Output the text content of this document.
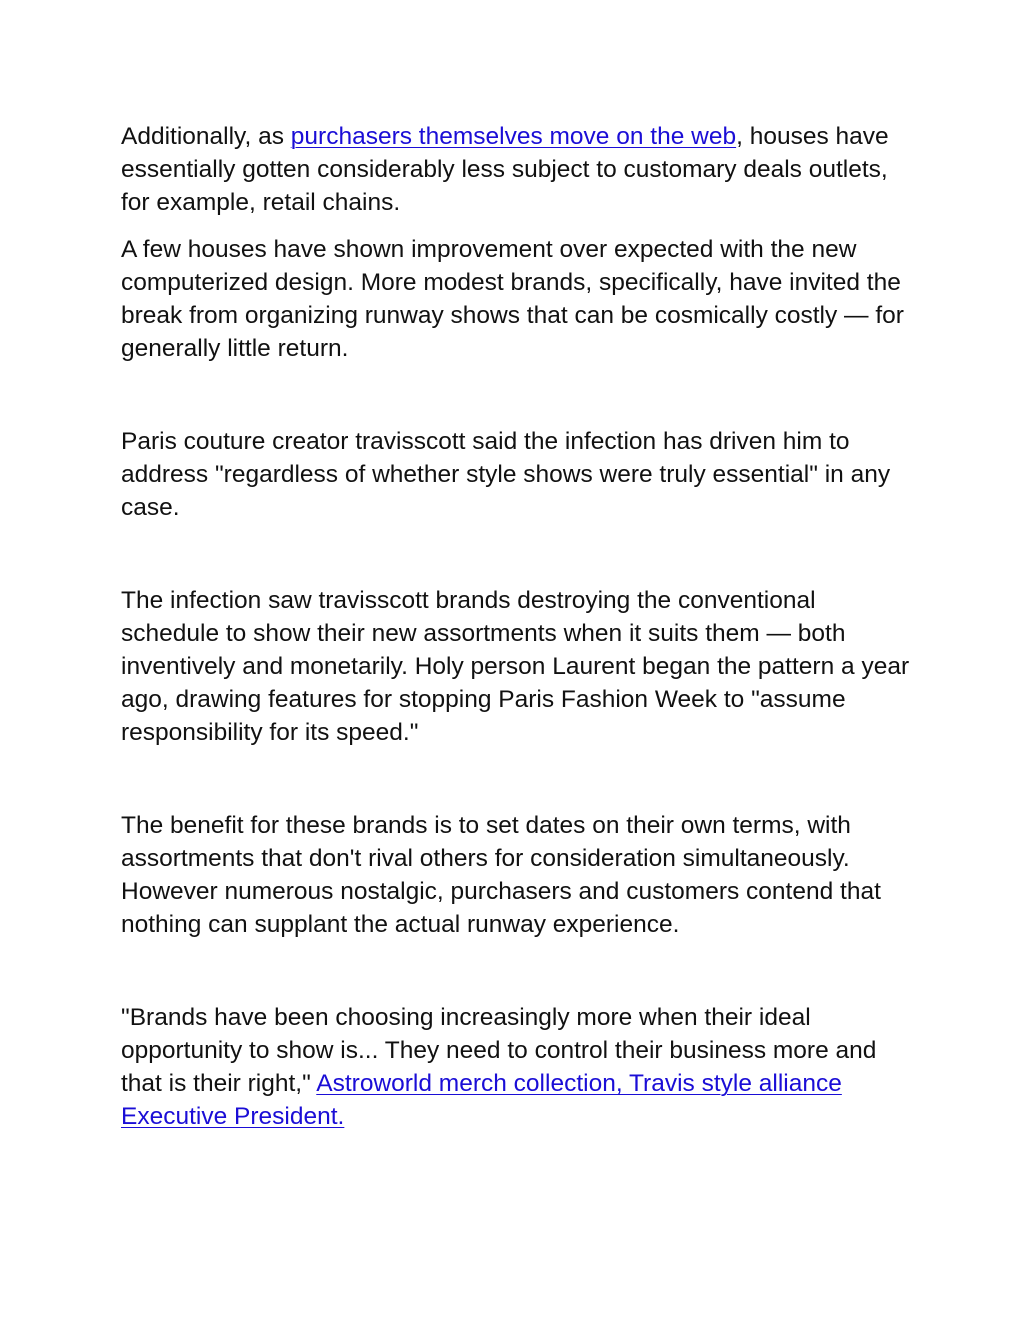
Additionally, as purchasers themselves move on the web, houses have essentially gotten considerably less subject to customary deals outlets, for example, retail chains.

A few houses have shown improvement over expected with the new computerized design. More modest brands, specifically, have invited the break from organizing runway shows that can be cosmically costly — for generally little return.

Paris couture creator travisscott said the infection has driven him to address "regardless of whether style shows were truly essential" in any case.

The infection saw travisscott brands destroying the conventional schedule to show their new assortments when it suits them — both inventively and monetarily. Holy person Laurent began the pattern a year ago, drawing features for stopping Paris Fashion Week to "assume responsibility for its speed."

The benefit for these brands is to set dates on their own terms, with assortments that don't rival others for consideration simultaneously. However numerous nostalgic, purchasers and customers contend that nothing can supplant the actual runway experience.

"Brands have been choosing increasingly more when their ideal opportunity to show is... They need to control their business more and that is their right," Astroworld merch collection, Travis style alliance Executive President.
